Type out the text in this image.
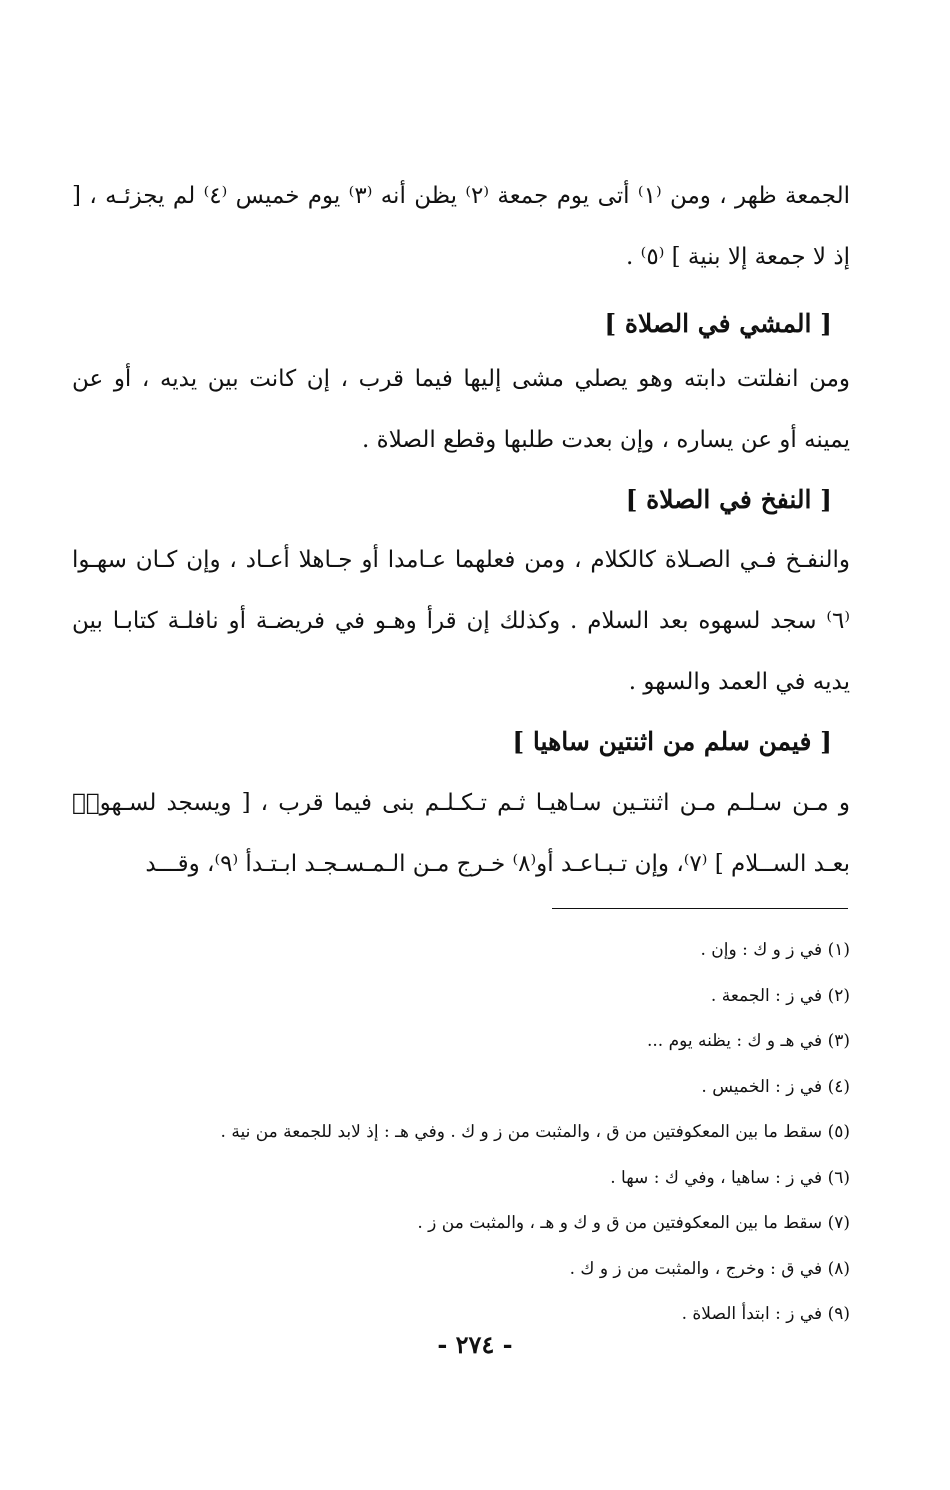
الجمعة ظهر ، ومن ⁽١⁾ أتى يوم جمعة ⁽٢⁾ يظن أنه ⁽٣⁾ يوم خميس ⁽٤⁾ لم يجزئـه ، [ إذ لا جمعة إلا بنية ] ⁽٥⁾ .

[ المشي في الصلاة ]

ومن انفلتت دابته وهو يصلي مشى إليها فيما قرب ، إن كانت بين يديه ، أو عن يمينه أو عن يساره ، وإن بعدت طلبها وقطع الصلاة .

[ النفخ في الصلاة ]

والنفـخ فـي الصـلاة كالكلام ، ومن فعلهما عـامدا أو جـاهلا أعـاد ، وإن كـان سهـوا ⁽٦⁾ سجد لسهوه بعد السلام . وكذلك إن قرأ وهـو في فريضـة أو نافلـة كتابـا بين يديه في العمد والسهو .

[ فيمن سلم من اثنتين ساهيا ]

و مـن سـلـم مـن اثنتـين سـاهيـا ثـم تـكـلـم بنى فيما قرب ، [ ويسجد لسـهوهٖ بعـد الســلام ] ⁽٧⁾، وإن تـبـاعـد أو⁽٨⁾ خـرج مـن الـمـسـجـد ابـتـدأ ⁽٩⁾، وقـــد

(١) في ز و ك : وإن .
(٢) في ز : الجمعة .
(٣) في هـ و ك : يظنه يوم ...
(٤) في ز : الخميس .
(٥) سقط ما بين المعكوفتين من ق ، والمثبت من ز و ك . وفي هـ : إذ لابد للجمعة من نية .
(٦) في ز : ساهيا ، وفي ك : سها .
(٧) سقط ما بين المعكوفتين من ق و ك و هـ ، والمثبت من ز .
(٨) في ق : وخرج ، والمثبت من ز و ك .
(٩) في ز : ابتدأ الصلاة .
- ٢٧٤ -
